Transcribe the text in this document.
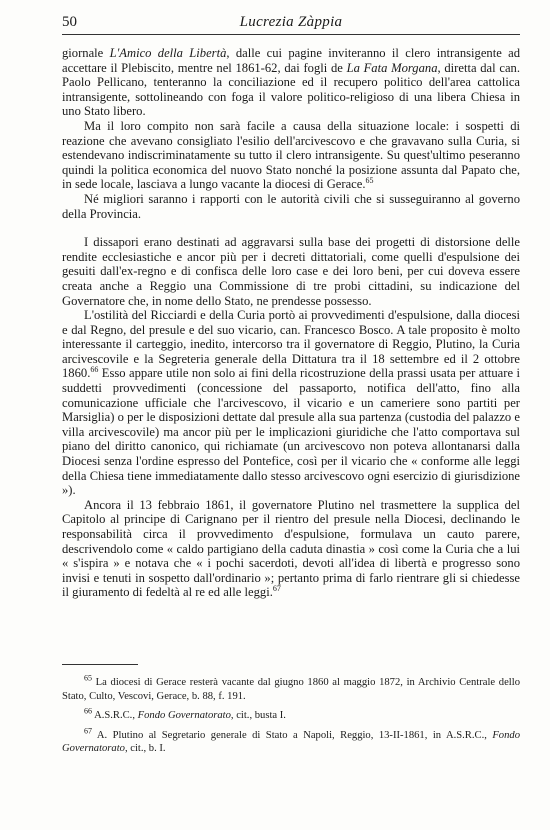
50	Lucrezia Zàppia

giornale L'Amico della Libertà, dalle cui pagine inviteranno il clero intransigente ad accettare il Plebiscito, mentre nel 1861-62, dai fogli de La Fata Morgana, diretta dal can. Paolo Pellicano, tenteranno la conciliazione ed il recupero politico dell'area cattolica intransigente, sottolineando con foga il valore politico-religioso di una libera Chiesa in uno Stato libero.

Ma il loro compito non sarà facile a causa della situazione locale: i sospetti di reazione che avevano consigliato l'esilio dell'arcivescovo e che gravavano sulla Curia, si estendevano indiscriminatamente su tutto il clero intransigente. Su quest'ultimo peseranno quindi la politica economica del nuovo Stato nonché la posizione assunta dal Papato che, in sede locale, lasciava a lungo vacante la diocesi di Gerace.$^{65}$

Né migliori saranno i rapporti con le autorità civili che si susseguiranno al governo della Provincia.

I dissapori erano destinati ad aggravarsi sulla base dei progetti di distorsione delle rendite ecclesiastiche e ancor più per i decreti dittatoriali, come quelli d'espulsione dei gesuiti dall'ex-regno e di confisca delle loro case e dei loro beni, per cui doveva essere creata anche a Reggio una Commissione di tre probi cittadini, su indicazione del Governatore che, in nome dello Stato, ne prendesse possesso.

L'ostilità del Ricciardi e della Curia portò ai provvedimenti d'espulsione, dalla diocesi e dal Regno, del presule e del suo vicario, can. Francesco Bosco. A tale proposito è molto interessante il carteggio, inedito, intercorso tra il governatore di Reggio, Plutino, la Curia arcivescovile e la Segreteria generale della Dittatura tra il 18 settembre ed il 2 ottobre 1860.66 Esso appare utile non solo ai fini della ricostruzione della prassi usata per attuare i suddetti provvedimenti (concessione del passaporto, notifica dell'atto, fino alla comunicazione ufficiale che l'arcivescovo, il vicario e un cameriere sono partiti per Marsiglia) o per le disposizioni dettate dal presule alla sua partenza (custodia del palazzo e villa arcivescovile) ma ancor più per le implicazioni giuridiche che l'atto comportava sul piano del diritto canonico, qui richiamate (un arcivescovo non poteva allontanarsi dalla Diocesi senza l'ordine espresso del Pontefice, così per il vicario che « conforme alle leggi della Chiesa tiene immediatamente dallo stesso arcivescovo ogni esercizio di giurisdizione »).

Ancora il 13 febbraio 1861, il governatore Plutino nel trasmettere la supplica del Capitolo al principe di Carignano per il rientro del presule nella Diocesi, declinando le responsabilità circa il provvedimento d'espulsione, formulava un cauto parere, descrivendolo come « caldo partigiano della caduta dinastia » così come la Curia che a lui « s'ispira » e notava che « i pochi sacerdoti, devoti all'idea di libertà e progresso sono invisi e tenuti in sospetto dall'ordinario »; pertanto prima di farlo rientrare gli si chiedesse il giuramento di fedeltà al re ed alle leggi.$^{67}$

$^{65}$ La diocesi di Gerace resterà vacante dal giugno 1860 al maggio 1872, in Archivio Centrale dello Stato, Culto, Vescovi, Gerace, b. 88, f. 191.

$^{66}$ A.S.R.C., Fondo Governatorato, cit., busta I.

$^{67}$ A. Plutino al Segretario generale di Stato a Napoli, Reggio, 13-II-1861, in A.S.R.C., Fondo Governatorato, cit., b. I.
